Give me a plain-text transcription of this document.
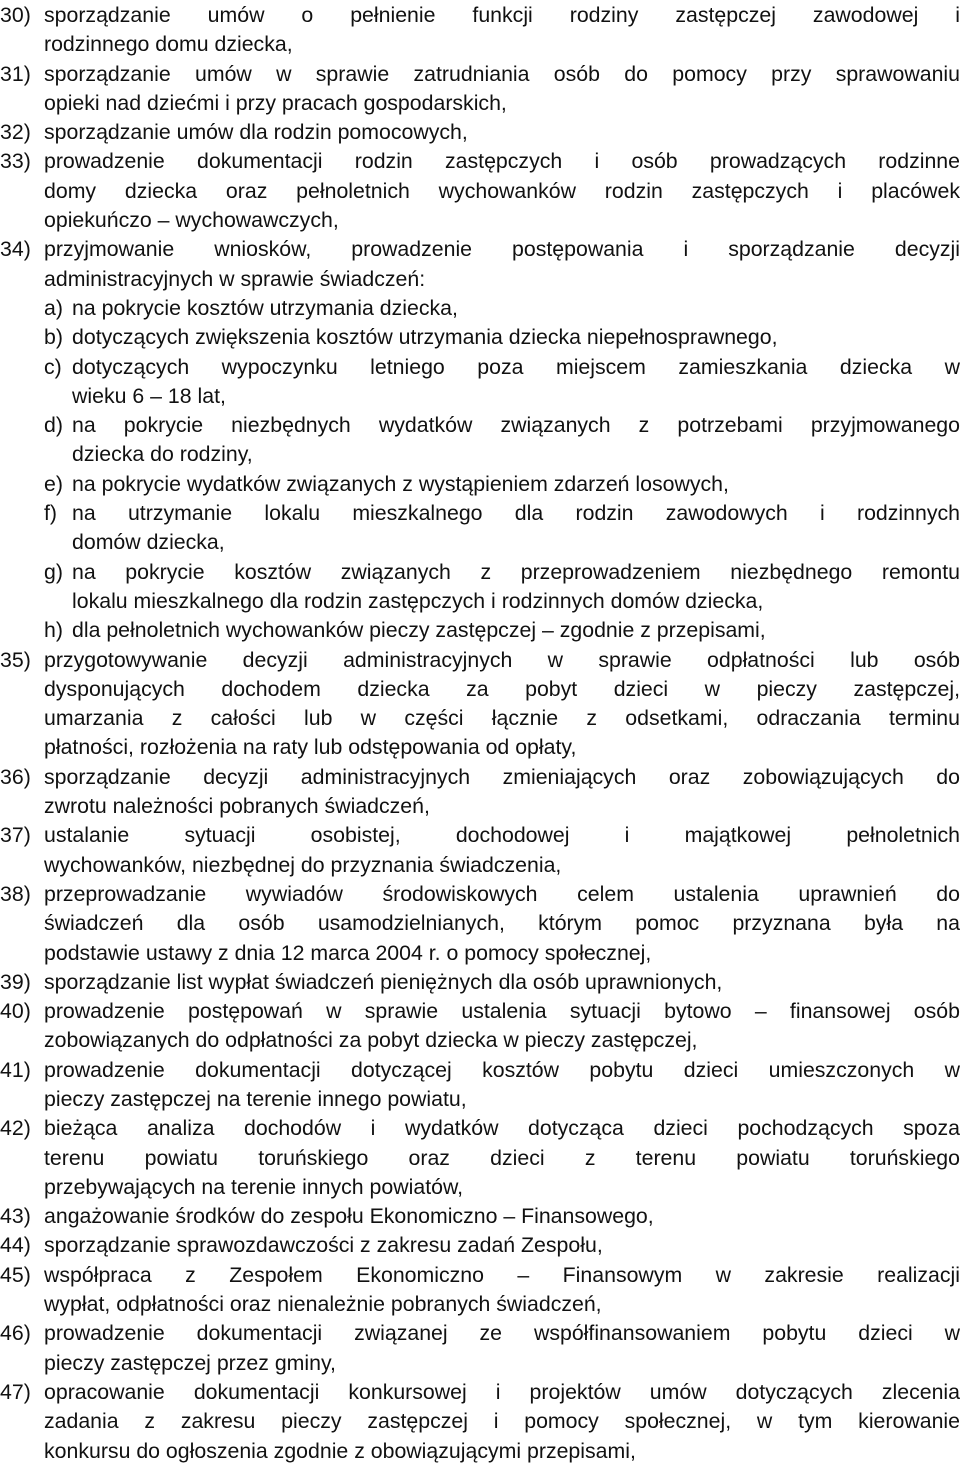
30) sporządzanie umów o pełnienie funkcji rodziny zastępczej zawodowej i
rodzinnego domu dziecka,
31) sporządzanie umów w sprawie zatrudniania osób do pomocy przy sprawowaniu
opieki nad dziećmi i przy pracach gospodarskich,
32) sporządzanie umów dla rodzin pomocowych,
33) prowadzenie dokumentacji rodzin zastępczych i osób prowadzących rodzinne
domy dziecka oraz pełnoletnich wychowanków rodzin zastępczych i placówek
opiekuńczo – wychowawczych,
34) przyjmowanie wniosków, prowadzenie postępowania i sporządzanie decyzji
administracyjnych w sprawie świadczeń:
a) na pokrycie kosztów utrzymania dziecka,
b) dotyczących zwiększenia kosztów utrzymania dziecka niepełnosprawnego,
c) dotyczących wypoczynku letniego poza miejscem zamieszkania dziecka w
wieku 6 – 18 lat,
d) na pokrycie niezbędnych wydatków związanych z potrzebami przyjmowanego
dziecka do rodziny,
e) na pokrycie wydatków związanych z wystąpieniem zdarzeń losowych,
f) na utrzymanie lokalu mieszkalnego dla rodzin zawodowych i rodzinnych
domów dziecka,
g) na pokrycie kosztów związanych z przeprowadzeniem niezbędnego remontu
lokalu mieszkalnego dla rodzin zastępczych i rodzinnych domów dziecka,
h) dla pełnoletnich wychowanków pieczy zastępczej – zgodnie z przepisami,
35) przygotowywanie decyzji administracyjnych w sprawie odpłatności lub osób
dysponujących dochodem dziecka za pobyt dzieci w pieczy zastępczej,
umarzania z całości lub w części łącznie z odsetkami, odraczania terminu
płatności, rozłożenia na raty lub odstępowania od opłaty,
36) sporządzanie decyzji administracyjnych zmieniających oraz zobowiązujących do
zwrotu należności pobranych świadczeń,
37) ustalanie sytuacji osobistej, dochodowej i majątkowej pełnoletnich
wychowanków, niezbędnej do przyznania świadczenia,
38) przeprowadzanie wywiadów środowiskowych celem ustalenia uprawnień do
świadczeń dla osób usamodzielnianych, którym pomoc przyznana była na
podstawie ustawy z dnia 12 marca 2004 r. o pomocy społecznej,
39) sporządzanie list wypłat świadczeń pieniężnych dla osób uprawnionych,
40) prowadzenie postępowań w sprawie ustalenia sytuacji bytowo – finansowej osób
zobowiązanych do odpłatności za pobyt dziecka w pieczy zastępczej,
41) prowadzenie dokumentacji dotyczącej kosztów pobytu dzieci umieszczonych w
pieczy zastępczej na terenie innego powiatu,
42) bieżąca analiza dochodów i wydatków dotycząca dzieci pochodzących spoza
terenu powiatu toruńskiego oraz dzieci z terenu powiatu toruńskiego
przebywających na terenie innych powiatów,
43) angażowanie środków do zespołu Ekonomiczno – Finansowego,
44) sporządzanie sprawozdawczości z zakresu zadań Zespołu,
45) współpraca z Zespołem Ekonomiczno – Finansowym w zakresie realizacji
wypłat, odpłatności oraz nienależnie pobranych świadczeń,
46) prowadzenie dokumentacji związanej ze współfinansowaniem pobytu dzieci w
pieczy zastępczej przez gminy,
47) opracowanie dokumentacji konkursowej i projektów umów dotyczących zlecenia
zadania z zakresu pieczy zastępczej i pomocy społecznej, w tym kierowanie
konkursu do ogłoszenia zgodnie z obowiązującymi przepisami,
